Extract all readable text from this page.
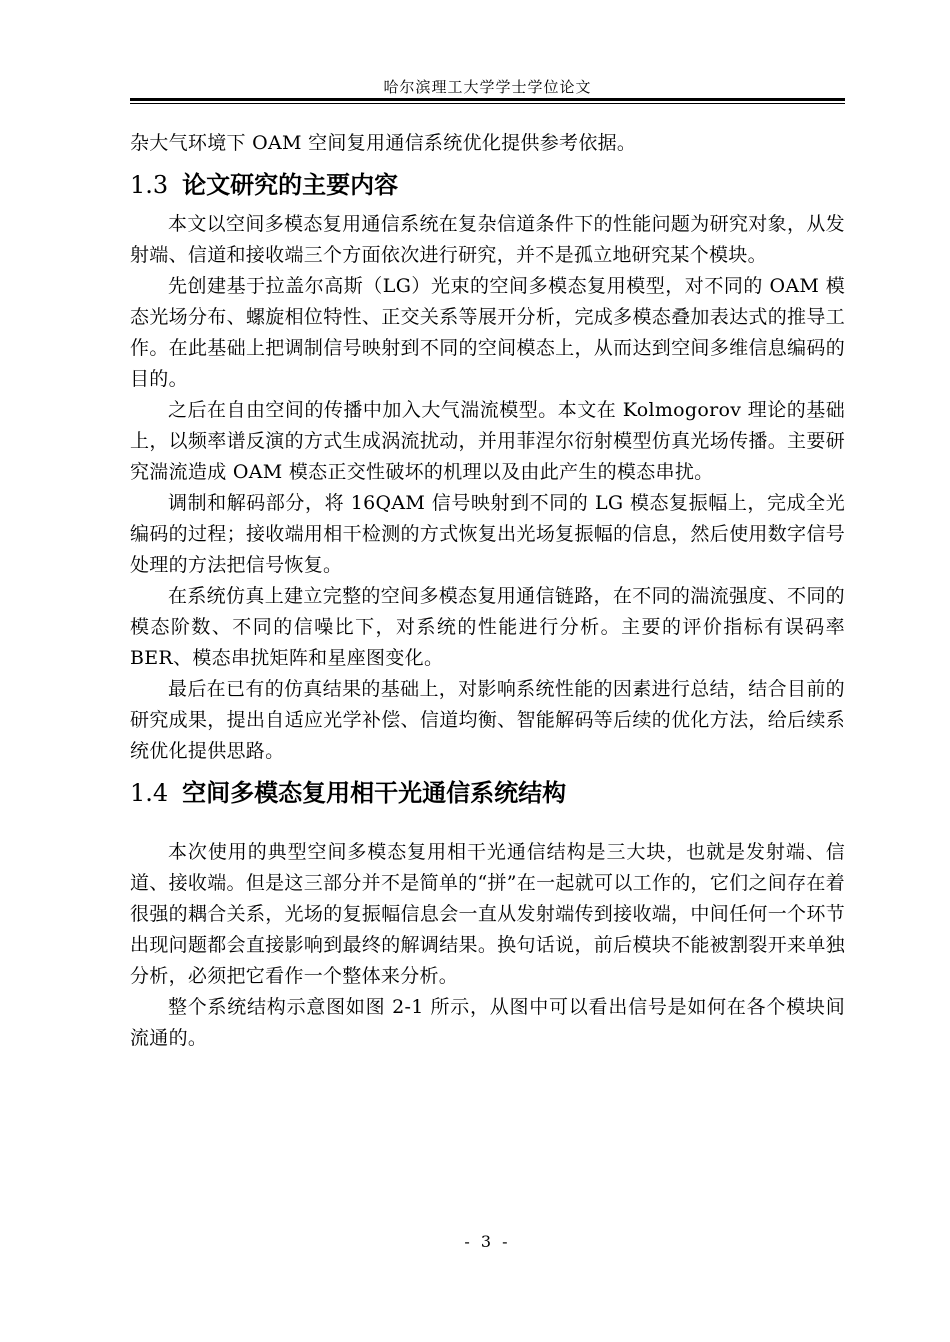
哈尔滨理工大学学士学位论文

杂大气环境下 OAM 空间复用通信系统优化提供参考依据。

1.3 论文研究的主要内容

本文以空间多模态复用通信系统在复杂信道条件下的性能问题为研究对象，从发射端、信道和接收端三个方面依次进行研究，并不是孤立地研究某个模块。

先创建基于拉盖尔高斯（LG）光束的空间多模态复用模型，对不同的 OAM 模态光场分布、螺旋相位特性、正交关系等展开分析，完成多模态叠加表达式的推导工作。在此基础上把调制信号映射到不同的空间模态上，从而达到空间多维信息编码的目的。

之后在自由空间的传播中加入大气湍流模型。本文在 Kolmogorov 理论的基础上，以频率谱反演的方式生成涡流扰动，并用菲涅尔衍射模型仿真光场传播。主要研究湍流造成 OAM 模态正交性破坏的机理以及由此产生的模态串扰。

调制和解码部分，将 16QAM 信号映射到不同的 LG 模态复振幅上，完成全光编码的过程；接收端用相干检测的方式恢复出光场复振幅的信息，然后使用数字信号处理的方法把信号恢复。

在系统仿真上建立完整的空间多模态复用通信链路，在不同的湍流强度、不同的模态阶数、不同的信噪比下，对系统的性能进行分析。主要的评价指标有误码率 BER、模态串扰矩阵和星座图变化。

最后在已有的仿真结果的基础上，对影响系统性能的因素进行总结，结合目前的研究成果，提出自适应光学补偿、信道均衡、智能解码等后续的优化方法，给后续系统优化提供思路。

1.4 空间多模态复用相干光通信系统结构

本次使用的典型空间多模态复用相干光通信结构是三大块，也就是发射端、信道、接收端。但是这三部分并不是简单的“拼”在一起就可以工作的，它们之间存在着很强的耦合关系，光场的复振幅信息会一直从发射端传到接收端，中间任何一个环节出现问题都会直接影响到最终的解调结果。换句话说，前后模块不能被割裂开来单独分析，必须把它看作一个整体来分析。

整个系统结构示意图如图 2-1 所示，从图中可以看出信号是如何在各个模块间流通的。

- 3 -
